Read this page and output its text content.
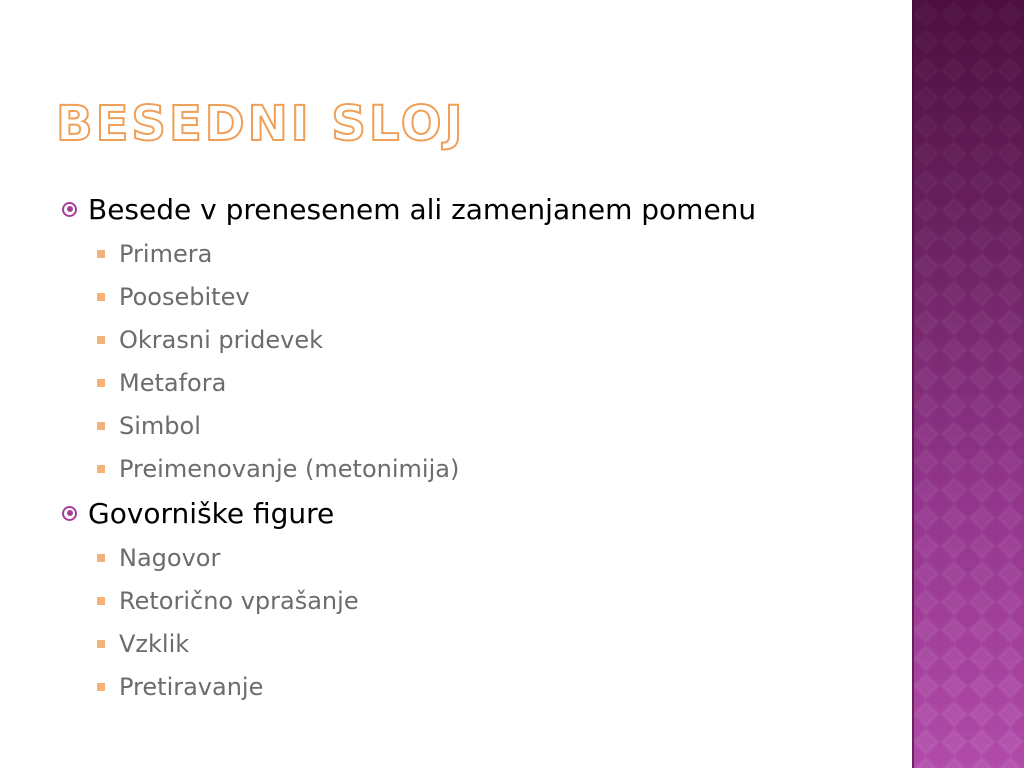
BESEDNI SLOJ
Besede v prenesenem ali zamenjanem pomenu
Primera
Poosebitev
Okrasni pridevek
Metafora
Simbol
Preimenovanje (metonimija)
Govorniške figure
Nagovor
Retorično vprašanje
Vzklik
Pretiravanje
